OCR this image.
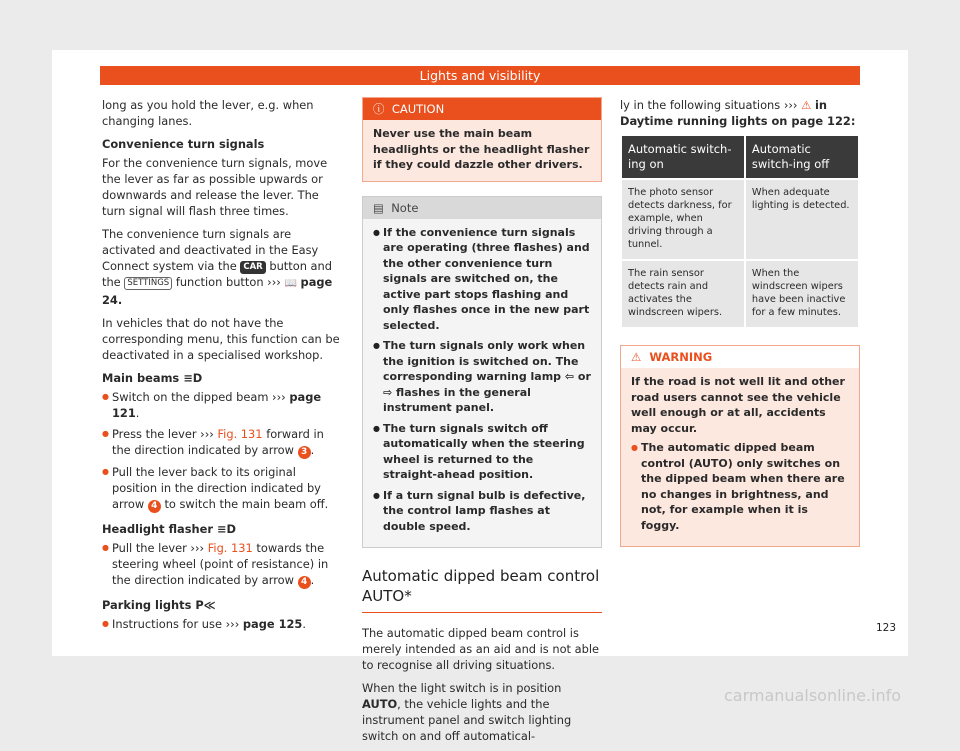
Lights and visibility

long as you hold the lever, e.g. when changing lanes.

Convenience turn signals

For the convenience turn signals, move the lever as far as possible upwards or downwards and release the lever. The turn signal will flash three times.

The convenience turn signals are activated and deactivated in the Easy Connect system via the CAR button and the SETTINGS function button ››› 📖 page 24.

In vehicles that do not have the corresponding menu, this function can be deactivated in a specialised workshop.

Main beams ≡D
● Switch on the dipped beam ››› page 121.
● Press the lever ››› Fig. 131 forward in the direction indicated by arrow 3 .
● Pull the lever back to its original position in the direction indicated by arrow 4 to switch the main beam off.
Headlight flasher ≡D
● Pull the lever ››› Fig. 131 towards the steering wheel (point of resistance) in the direction indicated by arrow 4 .
Parking lights P≪
● Instructions for use ››› page 125.
ⓘ CAUTION
Never use the main beam headlights or the headlight flasher if they could dazzle other drivers.
▤ Note
● If the convenience turn signals are operating (three flashes) and the other convenience turn signals are switched on, the active part stops flashing and only flashes once in the new part selected.
● The turn signals only work when the ignition is switched on. The corresponding warning lamp ⇦ or ⇨ flashes in the general instrument panel.
● The turn signals switch off automatically when the steering wheel is returned to the straight-ahead position.
● If a turn signal bulb is defective, the control lamp flashes at double speed.
Automatic dipped beam control AUTO*

The automatic dipped beam control is merely intended as an aid and is not able to recognise all driving situations.

When the light switch is in position AUTO, the vehicle lights and the instrument panel and switch lighting switch on and off automatical-

ly in the following situations ››› ⚠ in Daytime running lights on page 122:

Automatic switch-ing on	Automatic switch-ing off
The photo sensor detects darkness, for example, when driving through a tunnel.	When adequate lighting is detected.
The rain sensor detects rain and activates the windscreen wipers.	When the windscreen wipers have been inactive for a few minutes.
⚠ WARNING
If the road is not well lit and other road users cannot see the vehicle well enough or at all, accidents may occur.
● The automatic dipped beam control (AUTO) only switches on the dipped beam when there are no changes in brightness, and not, for example when it is foggy.
123
carmanualsonline.info
